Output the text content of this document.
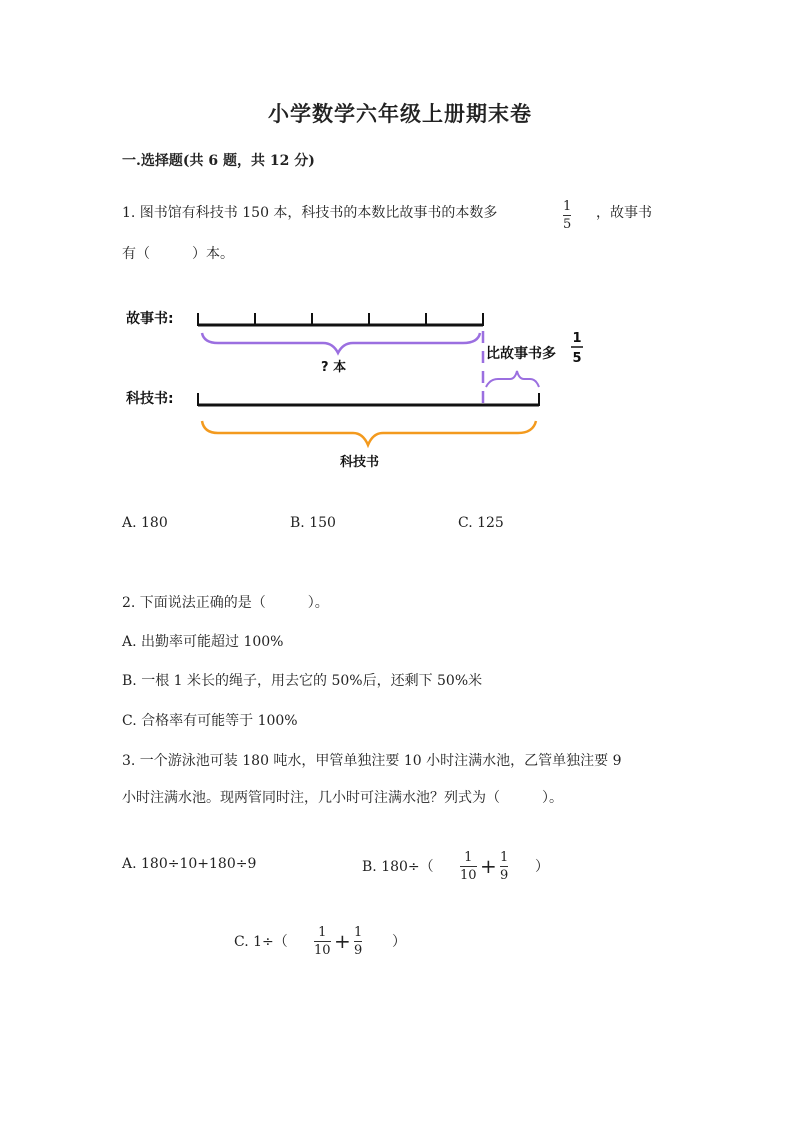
小学数学六年级上册期末卷
一.选择题(共 6 题，共 12 分)
1. 图书馆有科技书 150 本，科技书的本数比故事书的本数多	1
5
，故事书
有（　　　）本。
故事书:
? 本
比故事书多
1
5
科技书:
科技书
A. 180	B. 150	C. 125
2. 下面说法正确的是（　　　）。
A. 出勤率可能超过 100%
B. 一根 1 米长的绳子，用去它的 50%后，还剩下 50%米
C. 合格率有可能等于 100%
3. 一个游泳池可装 180 吨水，甲管单独注要 10 小时注满水池，乙管单独注要 9
小时注满水池。现两管同时注，几小时可注满水池？列式为（　　　）。
A. 180÷10+180÷9	B. 180÷（
1
10 + 1
9
）
C. 1÷（
1
10 + 1
9
）
